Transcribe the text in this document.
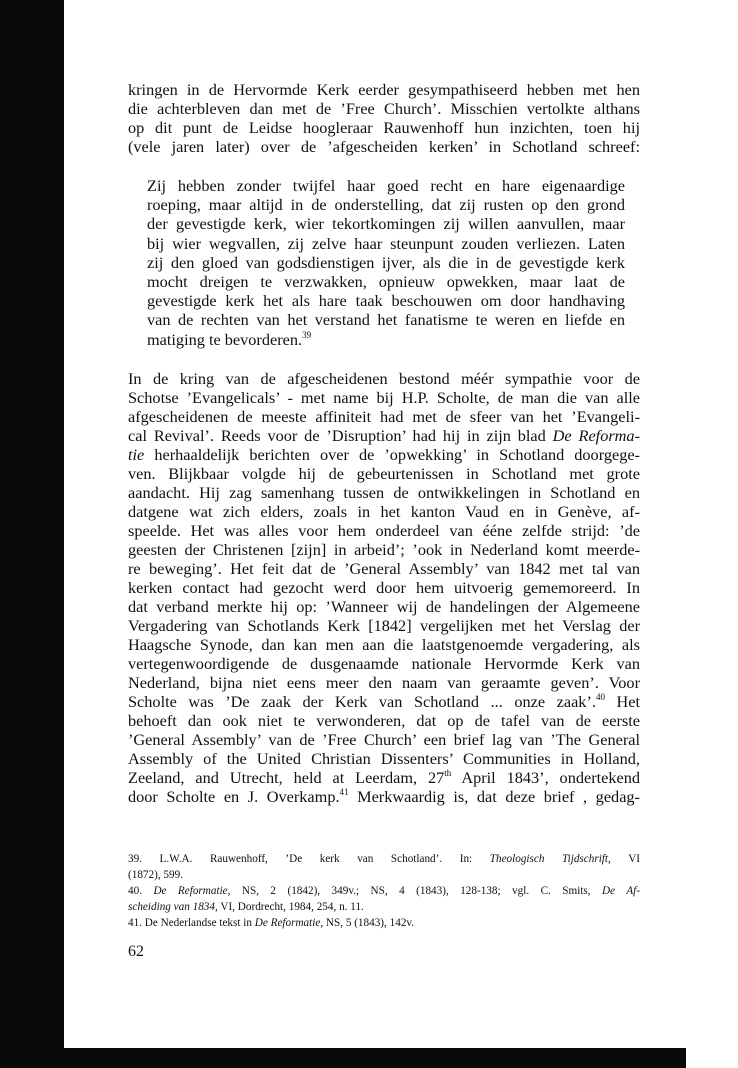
kringen in de Hervormde Kerk eerder gesympathiseerd hebben met hen
die achterbleven dan met de ’Free Church’. Misschien vertolkte althans
op dit punt de Leidse hoogleraar Rauwenhoff hun inzichten, toen hij
(vele jaren later) over de ’afgescheiden kerken’ in Schotland schreef:
Zij hebben zonder twijfel haar goed recht en hare eigenaardige
roeping, maar altijd in de onderstelling, dat zij rusten op den grond
der gevestigde kerk, wier tekortkomingen zij willen aanvullen, maar
bij wier wegvallen, zij zelve haar steunpunt zouden verliezen. Laten
zij den gloed van godsdienstigen ijver, als die in de gevestigde kerk
mocht dreigen te verzwakken, opnieuw opwekken, maar laat de
gevestigde kerk het als hare taak beschouwen om door handhaving
van de rechten van het verstand het fanatisme te weren en liefde en
matiging te bevorderen.$^{39}$
In de kring van de afgescheidenen bestond méér sympathie voor de
Schotse ’Evangelicals’ - met name bij H.P. Scholte, de man die van alle
afgescheidenen de meeste affiniteit had met de sfeer van het ’Evangeli-
cal Revival’. Reeds voor de ’Disruption’ had hij in zijn blad De Reforma-
tie herhaaldelijk berichten over de ’opwekking’ in Schotland doorgege-
ven. Blijkbaar volgde hij de gebeurtenissen in Schotland met grote
aandacht. Hij zag samenhang tussen de ontwikkelingen in Schotland en
datgene wat zich elders, zoals in het kanton Vaud en in Genève, af-
speelde. Het was alles voor hem onderdeel van ééne zelfde strijd: ’de
geesten der Christenen [zijn] in arbeid’; ’ook in Nederland komt meerde-
re beweging’. Het feit dat de ’General Assembly’ van 1842 met tal van
kerken contact had gezocht werd door hem uitvoerig gememoreerd. In
dat verband merkte hij op: ’Wanneer wij de handelingen der Algemeene
Vergadering van Schotlands Kerk [1842] vergelijken met het Verslag der
Haagsche Synode, dan kan men aan die laatstgenoemde vergadering, als
vertegenwoordigende de dusgenaamde nationale Hervormde Kerk van
Nederland, bijna niet eens meer den naam van geraamte geven’. Voor
Scholte was ’De zaak der Kerk van Schotland ... onze zaak’.$^{40}$ Het
behoeft dan ook niet te verwonderen, dat op de tafel van de eerste
’General Assembly’ van de ’Free Church’ een brief lag van ’The General
Assembly of the United Christian Dissenters’ Communities in Holland,
Zeeland, and Utrecht, held at Leerdam, 27th April 1843’, ondertekend
door Scholte en J. Overkamp.$^{41}$ Merkwaardig is, dat deze brief , gedag-
39. L.W.A. Rauwenhoff, ’De kerk van Schotland’. In: Theologisch Tijdschrift, VI
(1872), 599.
40. De Reformatie, NS, 2 (1842), 349v.; NS, 4 (1843), 128-138; vgl. C. Smits, De Af-
scheiding van 1834, VI, Dordrecht, 1984, 254, n. 11.
41. De Nederlandse tekst in De Reformatie, NS, 5 (1843), 142v.
62
